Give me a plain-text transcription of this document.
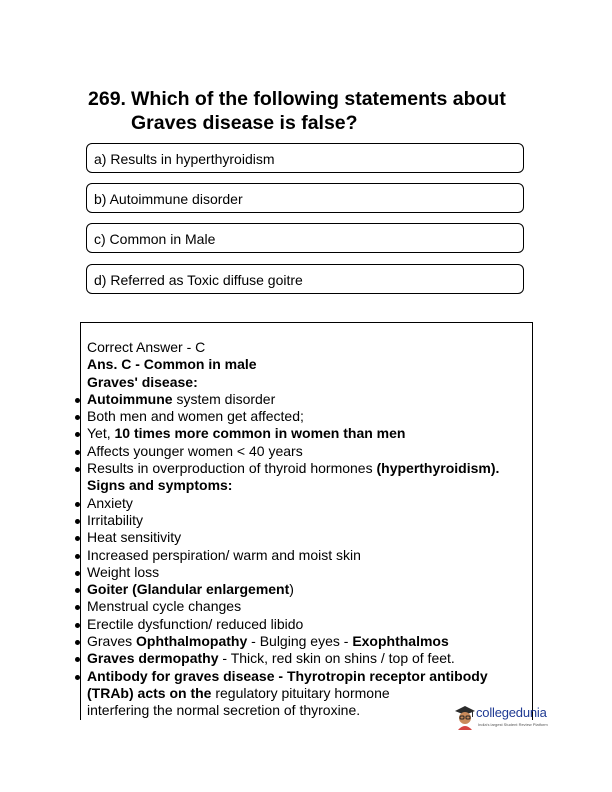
269. Which of the following statements about
Graves disease is false?
a) Results in hyperthyroidism
b) Autoimmune disorder
c) Common in Male
d) Referred as Toxic diffuse goitre
Correct Answer - C
Ans. C - Common in male
Graves' disease:
Autoimmune system disorder
Both men and women get affected;
Yet, 10 times more common in women than men
Affects younger women < 40 years
Results in overproduction of thyroid hormones (hyperthyroidism).
Signs and symptoms:
Anxiety
Irritability
Heat sensitivity
Increased perspiration/ warm and moist skin
Weight loss
Goiter (Glandular enlargement)
Menstrual cycle changes
Erectile dysfunction/ reduced libido
Graves Ophthalmopathy - Bulging eyes - Exophthalmos
Graves dermopathy - Thick, red skin on shins / top of feet.
Antibody for graves disease - Thyrotropin receptor antibody
(TRAb) acts on the regulatory pituitary hormone
interfering the normal secretion of thyroxine.	collegedunia
India's largest Student Review Platform
